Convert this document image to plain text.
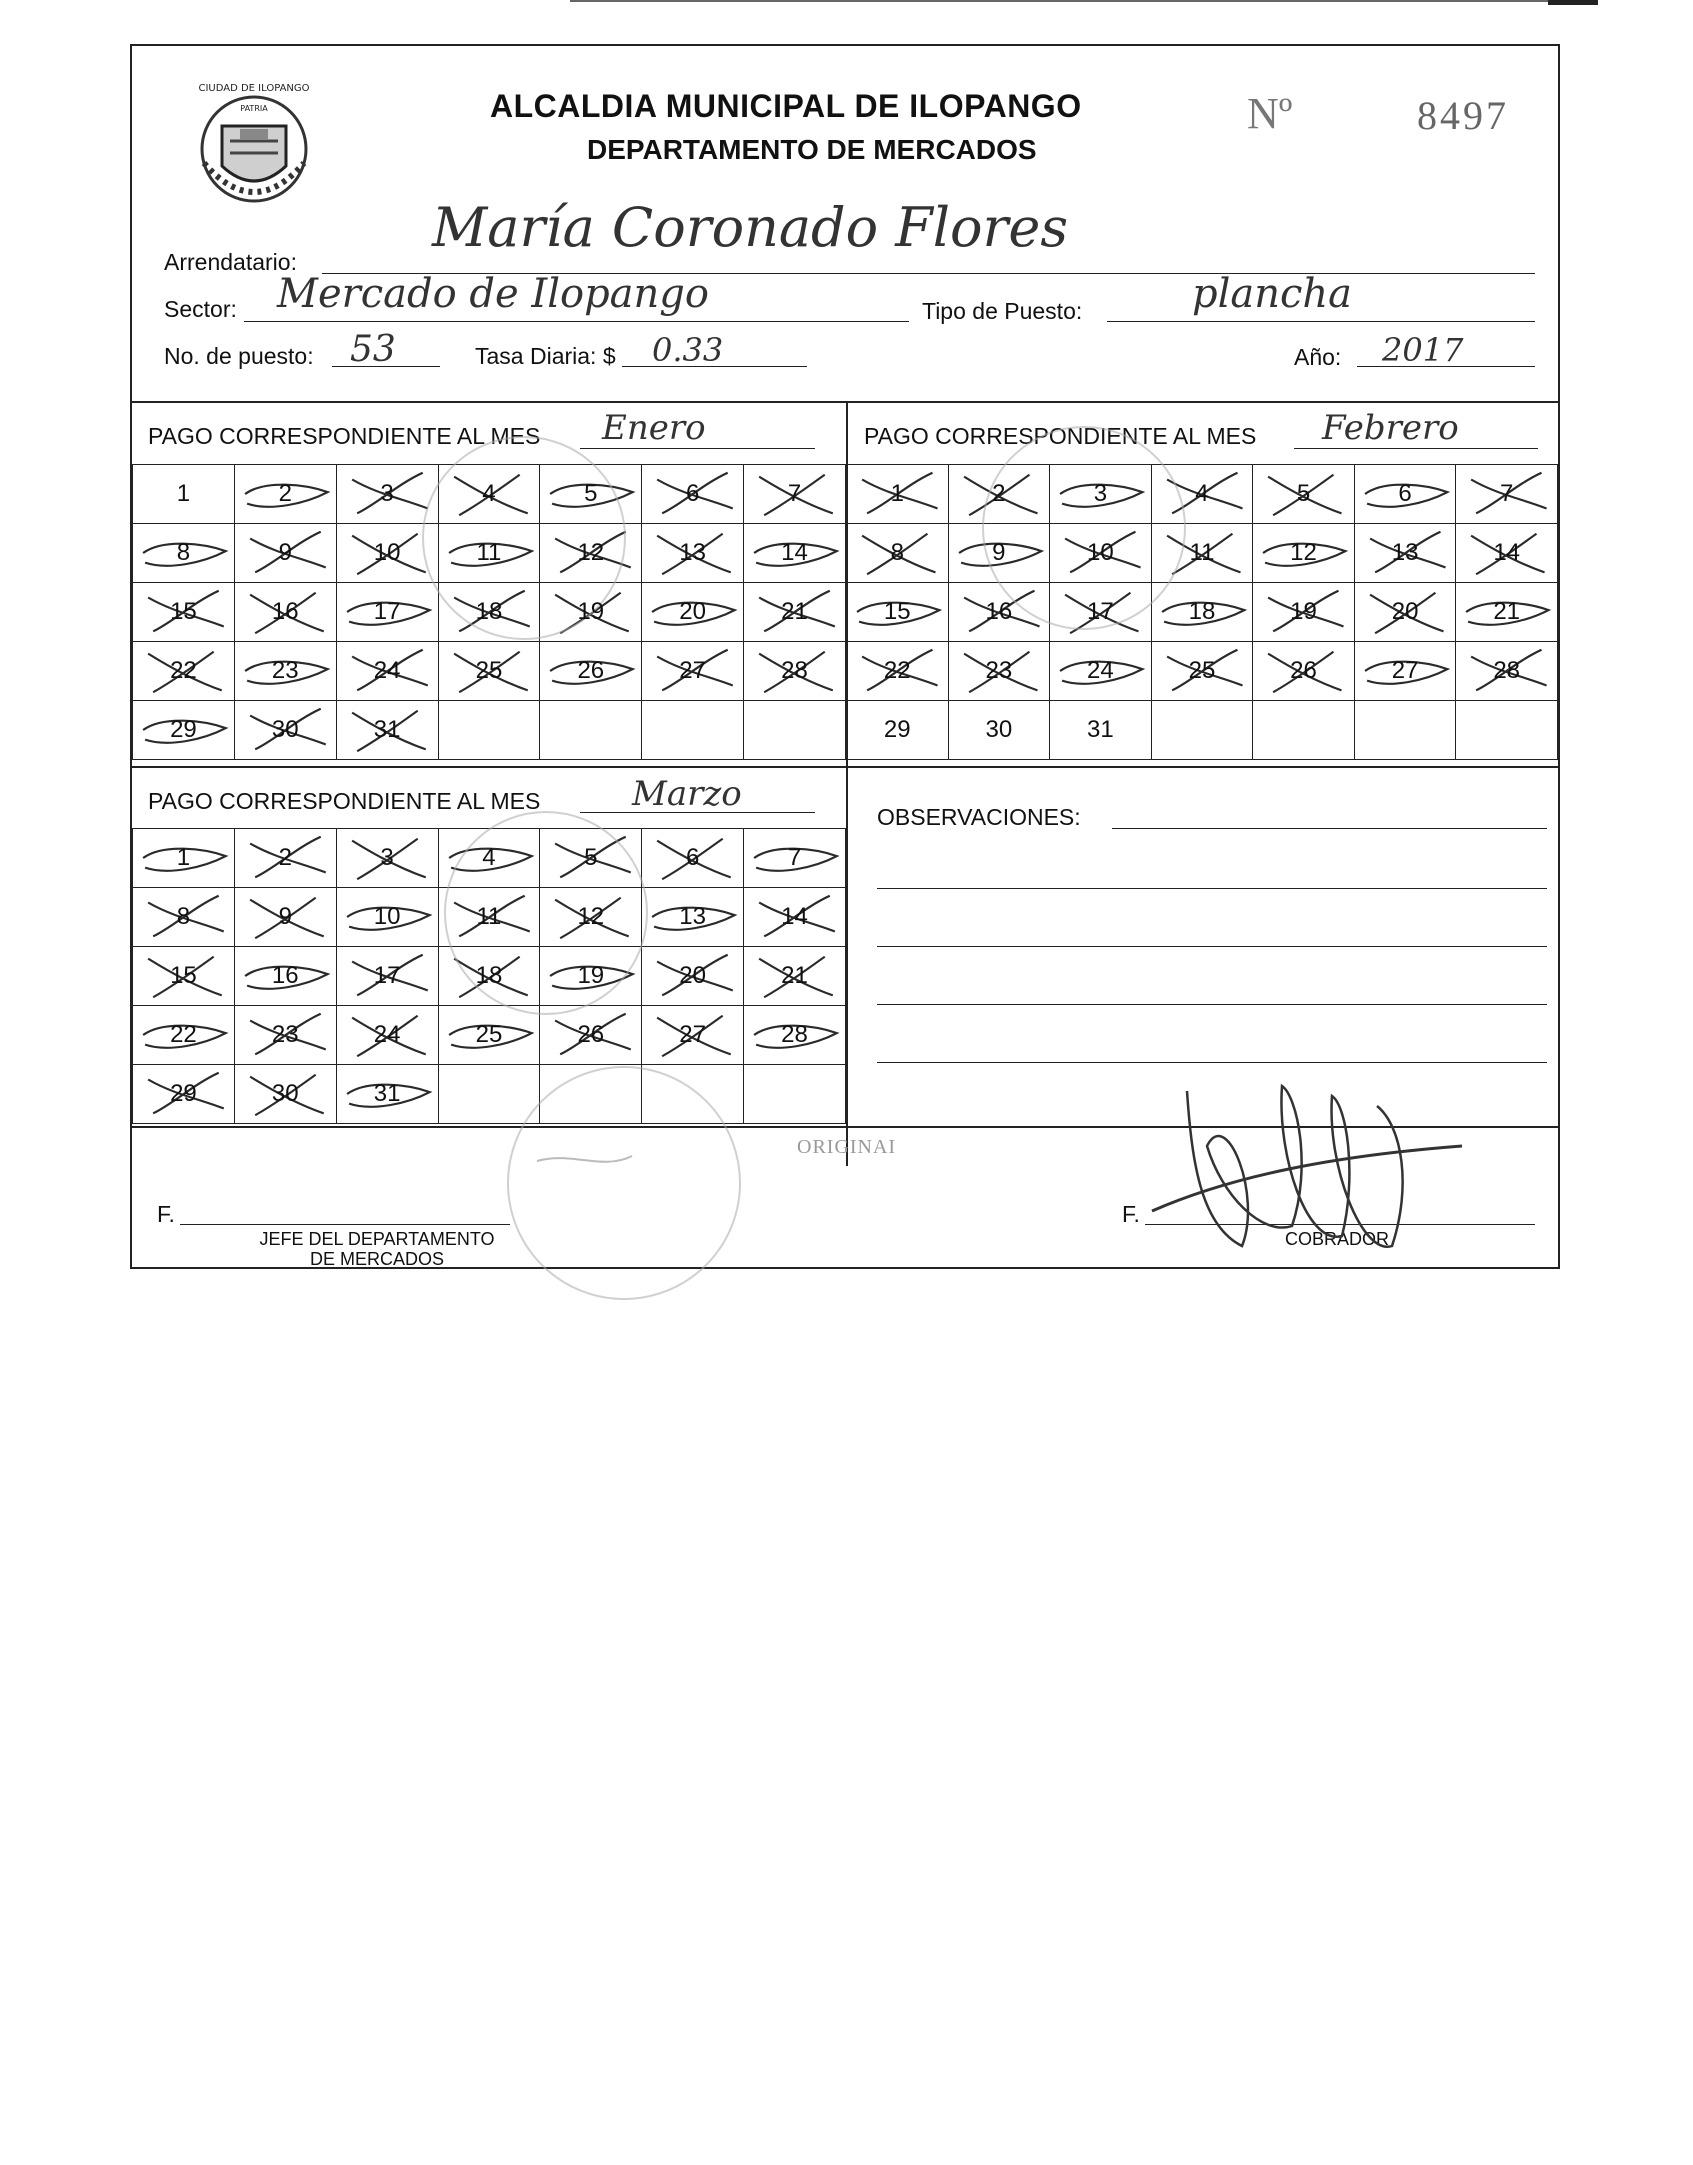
CIUDAD DE ILOPANGO
PATRIA	ALCALDIA MUNICIPAL DE ILOPANGO
DEPARTAMENTO DE MERCADOS
Nº	8497
Arrendatario:
María Coronado Flores
Sector: Mercado de Ilopango	Tipo de Puesto:	plancha
No. de puesto: 53	Tasa Diaria: $ 0.33	Año: 2017
PAGO CORRESPONDIENTE AL MES Enero	PAGO CORRESPONDIENTE AL MES Febrero
PAGO CORRESPONDIENTE AL MES	Marzo
1	2	3	4	5	6	7

8	9	10	11	12	13	14

15	16	17	18	19	20	21

22	23	24	25	26	27	28

29	30	31

1	2	3	4	5	6	7

8	9	10	11	12	13	14

15	16	17	18	19	20	21

22	23	24	25	26	27	28

29	30	31				
1	2	3	4	5	6	7

8	9	10	11	12	13	14

15	16	17	18	19	20	21

22	23	24	25	26	27	28

29	30	31

OBSERVACIONES:
ORIGINAI
F.
JEFE DEL DEPARTAMENTO
DE MERCADOS
F.
COBRADOR
